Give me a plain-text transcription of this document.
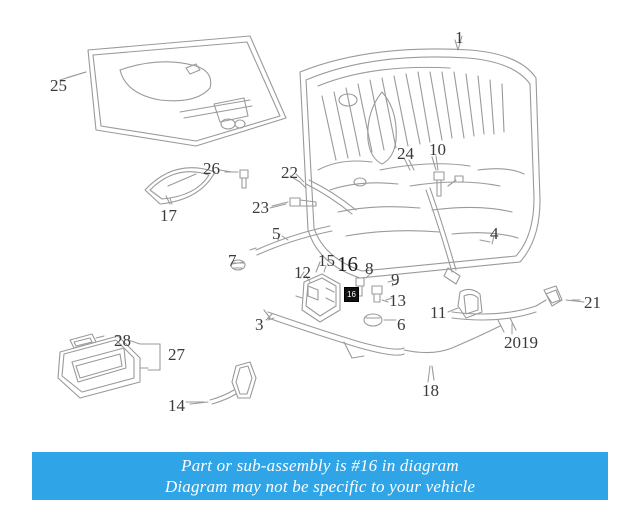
25
1
26	22
24 10
17	23
4
5
7	15 16 8
9
12
13	21
11
3	6
2019
28
27
18
14
16
Part or sub-assembly is #16 in diagram
Diagram may not be specific to your vehicle
